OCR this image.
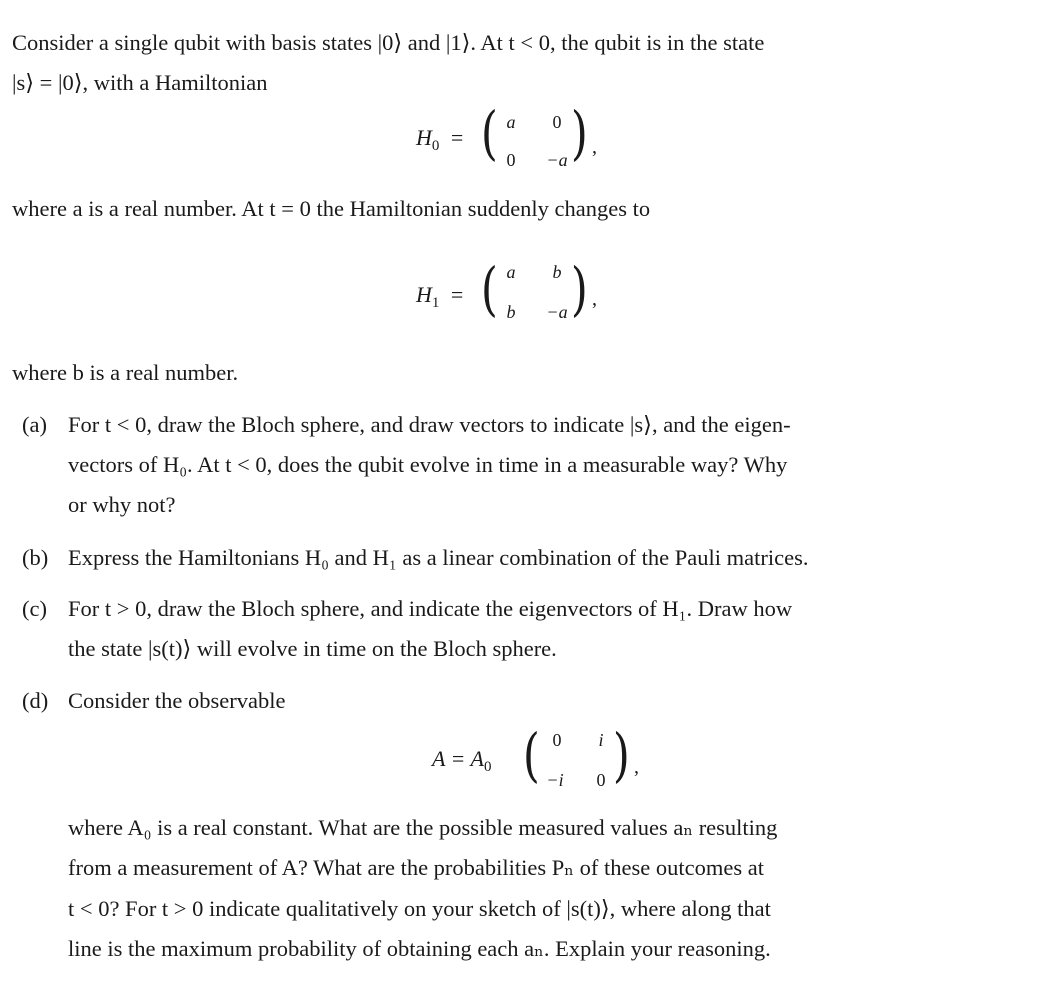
Consider a single qubit with basis states |0⟩ and |1⟩. At t < 0, the qubit is in the state
|s⟩ = |0⟩, with a Hamiltonian
$H_0$ = ( a	0
0	−a ) ,
where a is a real number. At t = 0 the Hamiltonian suddenly changes to
$H_1$ = ( a	b
b	−a ) ,
where b is a real number.
(a) For t < 0, draw the Bloch sphere, and draw vectors to indicate |s⟩, and the eigen-
vectors of H₀. At t < 0, does the qubit evolve in time in a measurable way? Why
or why not?
(b) Express the Hamiltonians H₀ and H₁ as a linear combination of the Pauli matrices.
(c) For t > 0, draw the Bloch sphere, and indicate the eigenvectors of H₁. Draw how
the state |s(t)⟩ will evolve in time on the Bloch sphere.
(d) Consider the observable
$A = A_0$ ( 0	i
−i	0 ) ,
where A₀ is a real constant. What are the possible measured values aₙ resulting
from a measurement of A? What are the probabilities Pₙ of these outcomes at
t < 0? For t > 0 indicate qualitatively on your sketch of |s(t)⟩, where along that
line is the maximum probability of obtaining each aₙ. Explain your reasoning.
